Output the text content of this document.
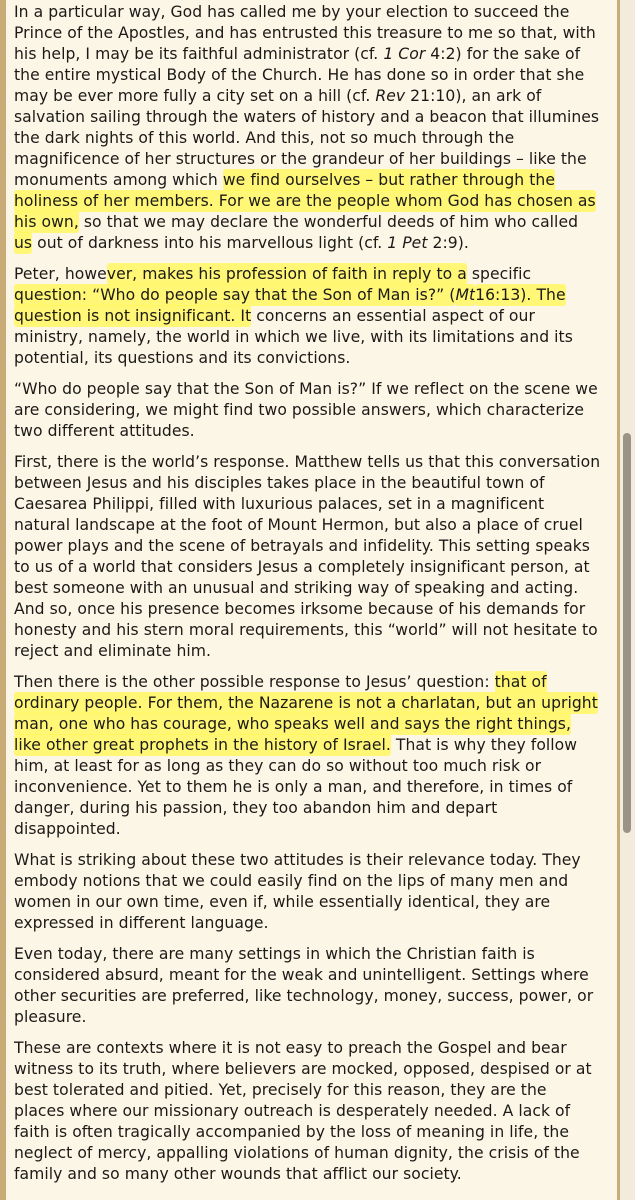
In a particular way, God has called me by your election to succeed the Prince of the Apostles, and has entrusted this treasure to me so that, with his help, I may be its faithful administrator (cf. 1 Cor 4:2) for the sake of the entire mystical Body of the Church. He has done so in order that she may be ever more fully a city set on a hill (cf. Rev 21:10), an ark of salvation sailing through the waters of history and a beacon that illumines the dark nights of this world. And this, not so much through the magnificence of her structures or the grandeur of her buildings – like the monuments among which we find ourselves – but rather through the holiness of her members. For we are the people whom God has chosen as his own, so that we may declare the wonderful deeds of him who called us out of darkness into his marvellous light (cf. 1 Pet 2:9).

Peter, however, makes his profession of faith in reply to a specific question: “Who do people say that the Son of Man is?” (Mt16:13). The question is not insignificant. It concerns an essential aspect of our ministry, namely, the world in which we live, with its limitations and its potential, its questions and its convictions.

“Who do people say that the Son of Man is?” If we reflect on the scene we are considering, we might find two possible answers, which characterize two different attitudes.

First, there is the world’s response. Matthew tells us that this conversation between Jesus and his disciples takes place in the beautiful town of Caesarea Philippi, filled with luxurious palaces, set in a magnificent natural landscape at the foot of Mount Hermon, but also a place of cruel power plays and the scene of betrayals and infidelity. This setting speaks to us of a world that considers Jesus a completely insignificant person, at best someone with an unusual and striking way of speaking and acting. And so, once his presence becomes irksome because of his demands for honesty and his stern moral requirements, this “world” will not hesitate to reject and eliminate him.

Then there is the other possible response to Jesus’ question: that of ordinary people. For them, the Nazarene is not a charlatan, but an upright man, one who has courage, who speaks well and says the right things, like other great prophets in the history of Israel. That is why they follow him, at least for as long as they can do so without too much risk or inconvenience. Yet to them he is only a man, and therefore, in times of danger, during his passion, they too abandon him and depart disappointed.

What is striking about these two attitudes is their relevance today. They embody notions that we could easily find on the lips of many men and women in our own time, even if, while essentially identical, they are expressed in different language.

Even today, there are many settings in which the Christian faith is considered absurd, meant for the weak and unintelligent. Settings where other securities are preferred, like technology, money, success, power, or pleasure.

These are contexts where it is not easy to preach the Gospel and bear witness to its truth, where believers are mocked, opposed, despised or at best tolerated and pitied. Yet, precisely for this reason, they are the places where our missionary outreach is desperately needed. A lack of faith is often tragically accompanied by the loss of meaning in life, the neglect of mercy, appalling violations of human dignity, the crisis of the family and so many other wounds that afflict our society.
